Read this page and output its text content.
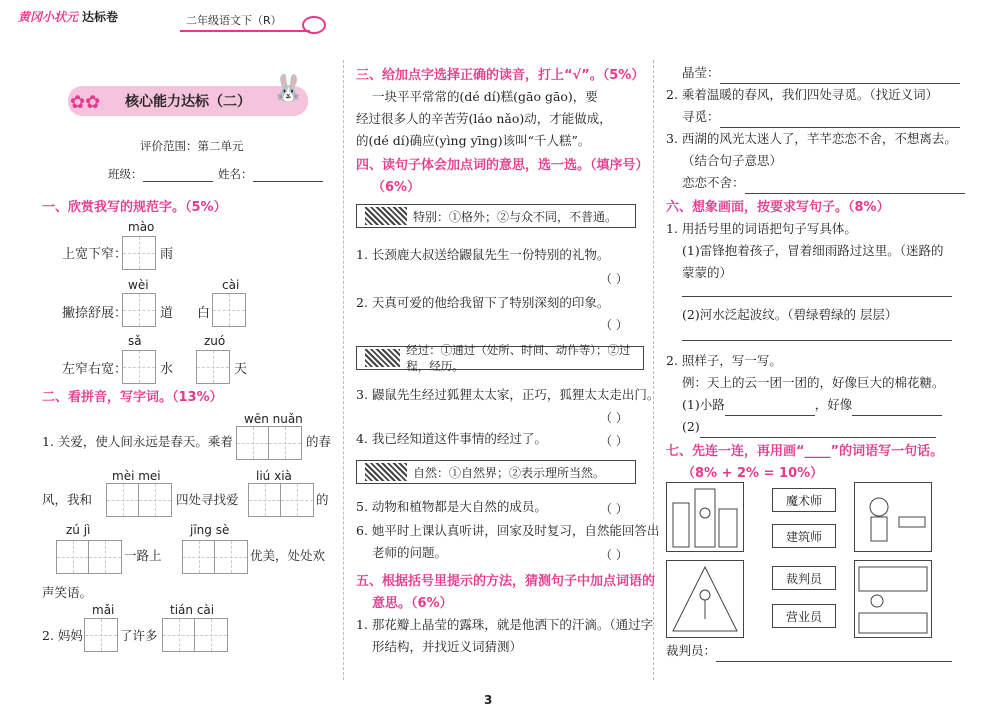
黄冈小状元 达标卷	二年级语文下（R）
核心能力达标（二）
✿✿	🐰
评价范围：第二单元
班级：	姓名：
一、欣赏我写的规范字。（5%）
mào
上宽下窄：	雨
wèi
撇捺舒展：	道
cài
白
sǎ
左窄右宽：	水
zuó
天
二、看拼音，写字词。（13%）
wēn nuǎn
1. 关爱，使人间永远是春天。乘着	的春
mèi mei	liú xià
风，我和	四处寻找爱	的
zú jì	jīng sè
一路上	优美，处处欢
声笑语。
mǎi	tián cài
2. 妈妈	了许多
三、给加点字选择正确的读音，打上“√”。（5%）
一块平平常常的(dé dí)糕(gāo gāo)，要
经过很多人的辛苦劳(láo nǎo)动，才能做成，
的(dé dí)确应(yìng yīng)该叫“千人糕”。
四、读句子体会加点词的意思，选一选。（填序号）
（6%）
特别：①格外；②与众不同，不普通。
1. 长颈鹿大叔送给鼹鼠先生一份特别的礼物。
（ ）
2. 天真可爱的他给我留下了特别深刻的印象。
（ ）
经过：①通过（处所、时间、动作等）；②过程，经历。
3. 鼹鼠先生经过狐狸太太家，正巧，狐狸太太走出门。
（ ）
4. 我已经知道这件事情的经过了。	（ ）
自然：①自然界；②表示理所当然。
5. 动物和植物都是大自然的成员。	（ ）
6. 她平时上课认真听讲，回家及时复习，自然能回答出
老师的问题。	（ ）
五、根据括号里提示的方法，猜测句子中加点词语的
意思。（6%）
1. 那花瓣上晶莹的露珠，就是他洒下的汗滴。（通过字
形结构，并找近义词猜测）
晶莹：
2. 乘着温暖的春风，我们四处寻觅。（找近义词）
寻觅：
3. 西湖的风光太迷人了，芊芊恋恋不舍，不想离去。
（结合句子意思）
恋恋不舍：
六、想象画面，按要求写句子。（8%）
1. 用括号里的词语把句子写具体。
(1)雷锋抱着孩子，冒着细雨路过这里。（迷路的
蒙蒙的）
(2)河水泛起波纹。（碧绿碧绿的 层层）
2. 照样子，写一写。
例：天上的云一团一团的，好像巨大的棉花糖。
(1)小路	，好像
(2)
七、先连一连，再用画“____”的词语写一句话。
（8% + 2% = 10%）
魔术师
建筑师
裁判员
营业员
裁判员：
3
